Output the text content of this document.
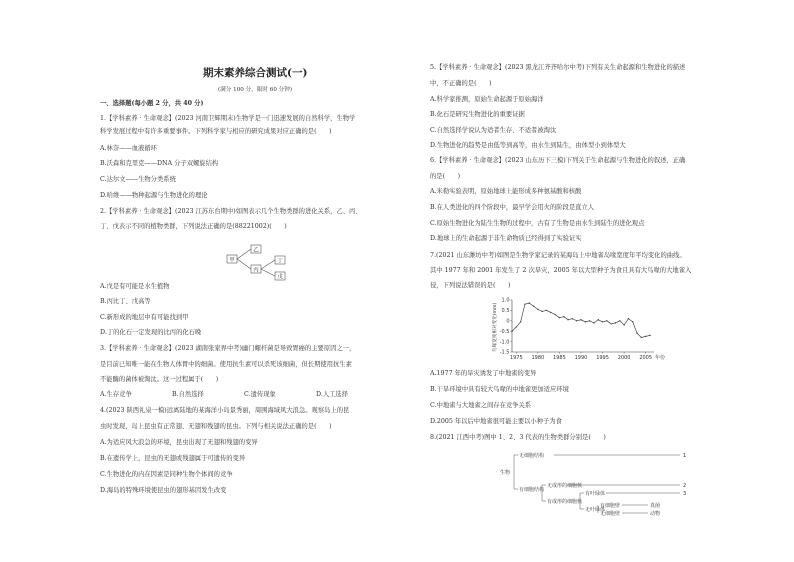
期末素养综合测试(一)
(满分 100 分，限时 60 分钟)
一、选择题(每小题 2 分，共 40 分)
1.【学科素养 · 生命观念】(2023 河南卫辉期末)生物学是一门迅速发展的自然科学，生物学
科学发展过程中有许多重要事件。下列科学家与相应的研究成果对应正确的是(　　)
A.林奈——血液循环
B.沃森和克里克——DNA 分子双螺旋结构
C.达尔文——生物分类系统
D.哈维——物种起源与生物进化的理论
2.【学科素养 · 生命观念】(2023 江苏东台期中)如图表示几个生物类群的进化关系，乙、丙、
丁、戊表示不同的植物类群，下列说法正确的是(88221002)(　　)
甲
乙
丙
丁
戊
A.戊是有可能是水生植物
B.丙比丁、戊高等
C.新形成的地层中有可能找到甲
D.丁的化石一定发现的比丙的化石晚
3.【学科素养 · 生命观念】(2023 湖南张家界中考)幽门螺杆菌是导致胃癌的主要原因之一，
是目前已知唯一能在生物人体胃中的细菌。使用抗生素可以杀死该细菌，但长期使用抗生素
不能酶的菌体被淘汰。这一过程属于(　　)
A.生存竞争	B.自然选择	C.遗传现象	D.人工选择
4.(2023 陕西礼泉一模)远离陆地的某海洋小岛景秀丽，周围海域风大浪急。观察岛上的昆
虫时发现，岛上昆虫有正常翅、无翅和残翅的昆虫。下列与相关说法正确的是(　　)
A.为适应风大浪急的环境，昆虫出现了无翅和残翅的变异
B.在遗传学上，昆虫的无翅或残翅属于可遗传的变异
C.生物进化的内在因素是同种生物个体间的竞争
D.海岛的特殊环境使昆虫的翅形基因发生改变
5.【学科素养 · 生命观念】(2023 黑龙江齐齐哈尔中考)下列有关生命起源和生物进化的描述
中，不正确的是(　　)
A.科学家推测，原始生命起源于原始海洋
B.化石是研究生物进化的重要证据
C.自然选择学说认为适者生存、不适者被淘汰
D.生物进化的趋势是由低等到高等，由水生到陆生，由体型小到体型大
6.【学科素养 · 生命观念】(2023 山东历下三模)下列关于生命起源与生物进化的叙述，正确
的是(　　)
A.米勒实验表明，原始地球上能形成多种氨基酸和核酸
B.在人类进化的四个阶段中，最早学会用火的阶段是直立人
C.原始生物进化为陆生生物的过程中，古有了生物是由水生到陆生的进化观点
D.地球上的生命起源于非生命物质已经得到了实验证实
7.(2021 山东潍坊中考)如图是生物学家记录的某海岛上中地雀岛喙宽度年平均变化的曲线。
其中 1977 年和 2001 年发生了 2 次旱灾，2005 年以大型种子为食且具有大鸟喙的大地雀入
侵，下列说法错误的是(　　)
1975 1980 1985 1990 1995 2000 2005
1.0
0.5
0
-0.5
-1.0
-1.5
鸟喙宽度相对变化(mm)
年份
A.1977 年的旱灾诱发了中地雀的变异
B.干旱环境中具有较大鸟喙的中地雀更加适应环境
C.中地雀与大地雀之间存在竞争关系
D.2005 年以后中地雀很可能主要以小种子为食
8.(2021 江西中考)图中 1、2、3 代表的生物类群分别是(　　)
生物
无细胞结构
有细胞结构
无成形的细胞核
有成形的细胞核
有叶绿体
无叶绿体
无细胞壁
有细胞壁	真菌
动物
1
2
3
